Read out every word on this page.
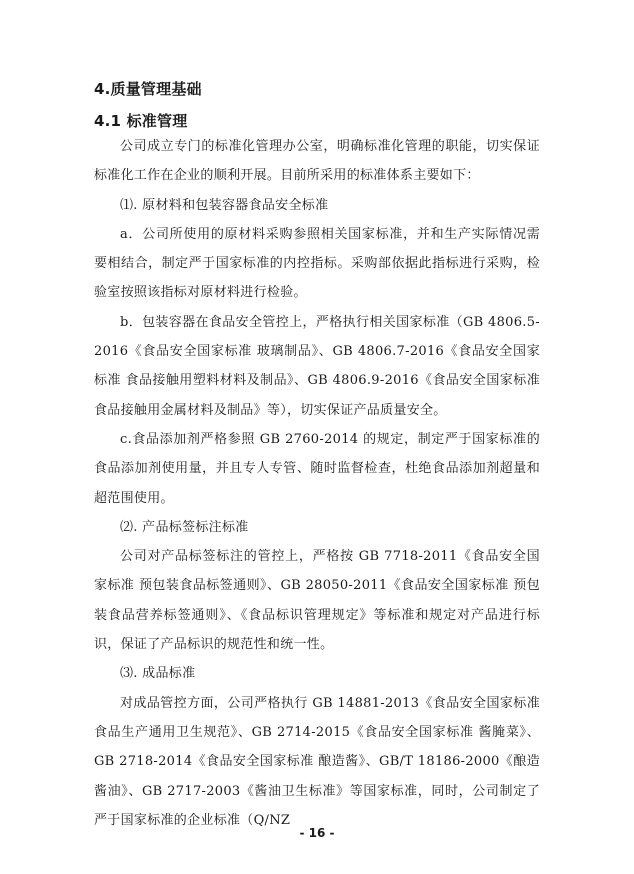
4.质量管理基础
4.1 标准管理

公司成立专门的标准化管理办公室，明确标准化管理的职能，切实保证标准化工作在企业的顺利开展。目前所采用的标准体系主要如下：

⑴. 原材料和包装容器食品安全标准

a．公司所使用的原材料采购参照相关国家标准，并和生产实际情况需要相结合，制定严于国家标准的内控指标。采购部依据此指标进行采购，检验室按照该指标对原材料进行检验。

b．包装容器在食品安全管控上，严格执行相关国家标准（GB 4806.5-2016《食品安全国家标准 玻璃制品》、GB 4806.7-2016《食品安全国家标准 食品接触用塑料材料及制品》、GB 4806.9-2016《食品安全国家标准 食品接触用金属材料及制品》等），切实保证产品质量安全。

c.食品添加剂严格参照 GB 2760-2014 的规定，制定严于国家标准的食品添加剂使用量，并且专人专管、随时监督检查，杜绝食品添加剂超量和超范围使用。

⑵. 产品标签标注标准

公司对产品标签标注的管控上，严格按 GB 7718-2011《食品安全国家标准 预包装食品标签通则》、GB 28050-2011《食品安全国家标准 预包装食品营养标签通则》、《食品标识管理规定》等标准和规定对产品进行标识，保证了产品标识的规范性和统一性。

⑶. 成品标准

对成品管控方面，公司严格执行 GB 14881-2013《食品安全国家标准 食品生产通用卫生规范》、GB 2714-2015《食品安全国家标准 酱腌菜》、GB 2718-2014《食品安全国家标准 酿造酱》、GB/T 18186-2000《酿造酱油》、GB 2717-2003《酱油卫生标准》等国家标准，同时，公司制定了严于国家标准的企业标准（Q/NZ

- 16 -
